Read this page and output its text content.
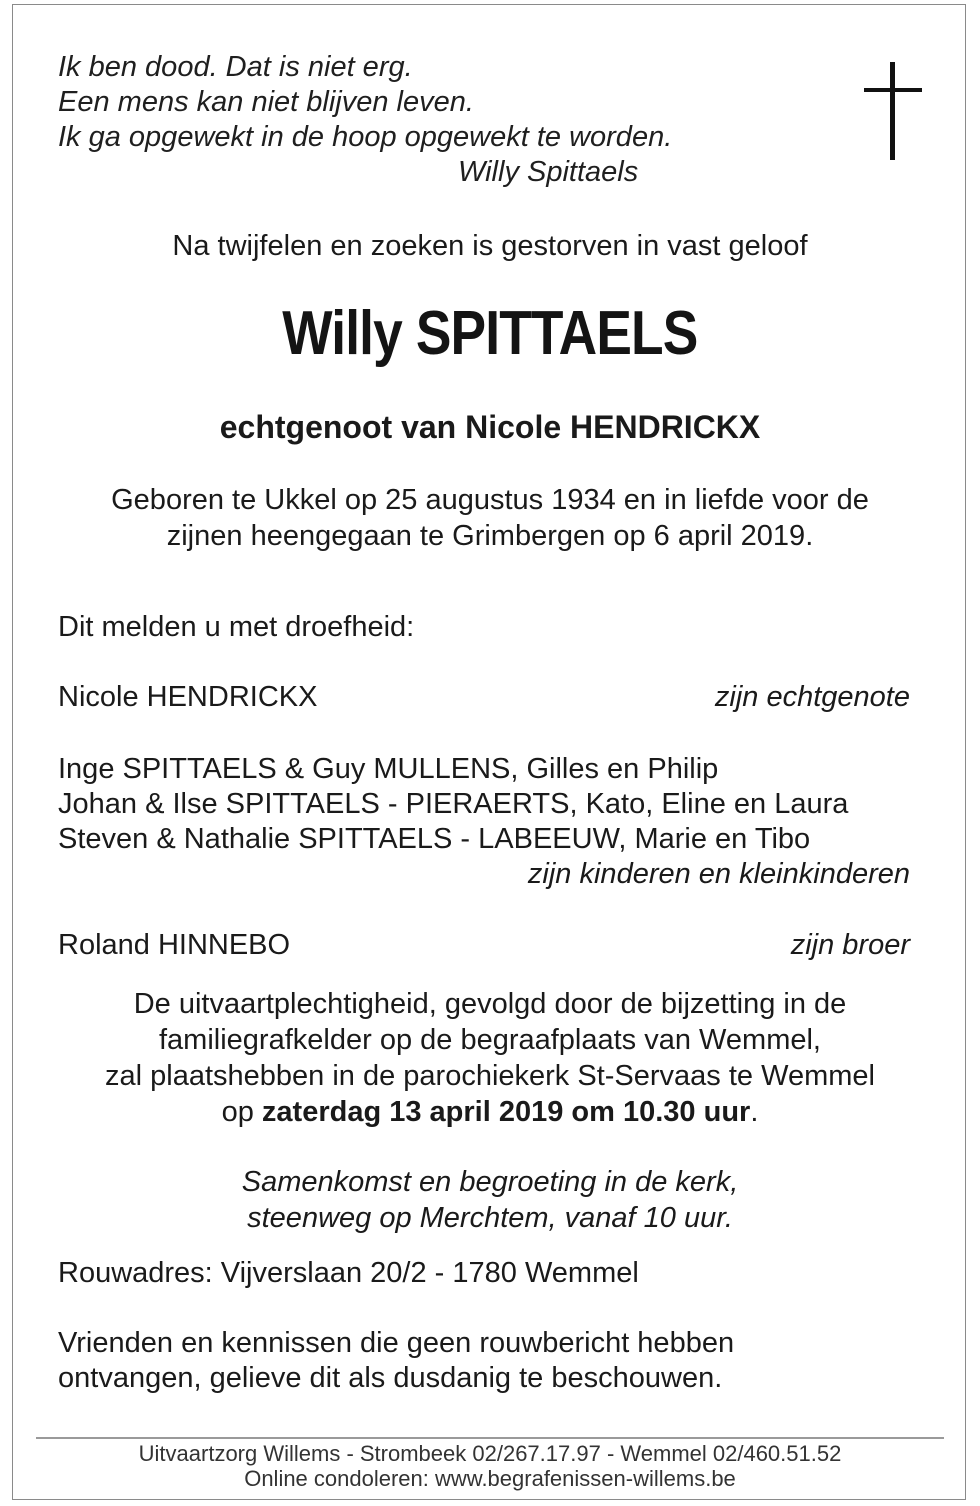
Ik ben dood. Dat is niet erg.
Een mens kan niet blijven leven.
Ik ga opgewekt in de hoop opgewekt te worden.
Willy Spittaels
Na twijfelen en zoeken is gestorven in vast geloof
Willy SPITTAELS
echtgenoot van Nicole HENDRICKX
Geboren te Ukkel op 25 augustus 1934 en in liefde voor de
zijnen heengegaan te Grimbergen op 6 april 2019.
Dit melden u met droefheid:
Nicole HENDRICKX	zijn echtgenote
Inge SPITTAELS & Guy MULLENS, Gilles en Philip
Johan & Ilse SPITTAELS - PIERAERTS, Kato, Eline en Laura
Steven & Nathalie SPITTAELS - LABEEUW, Marie en Tibo
zijn kinderen en kleinkinderen
Roland HINNEBO	zijn broer
De uitvaartplechtigheid, gevolgd door de bijzetting in de
familiegrafkelder op de begraafplaats van Wemmel,
zal plaatshebben in de parochiekerk St-Servaas te Wemmel
op zaterdag 13 april 2019 om 10.30 uur.
Samenkomst en begroeting in de kerk,
steenweg op Merchtem, vanaf 10 uur.
Rouwadres: Vijverslaan 20/2 - 1780 Wemmel
Vrienden en kennissen die geen rouwbericht hebben
ontvangen, gelieve dit als dusdanig te beschouwen.
Uitvaartzorg Willems - Strombeek 02/267.17.97 - Wemmel 02/460.51.52
Online condoleren: www.begrafenissen-willems.be
